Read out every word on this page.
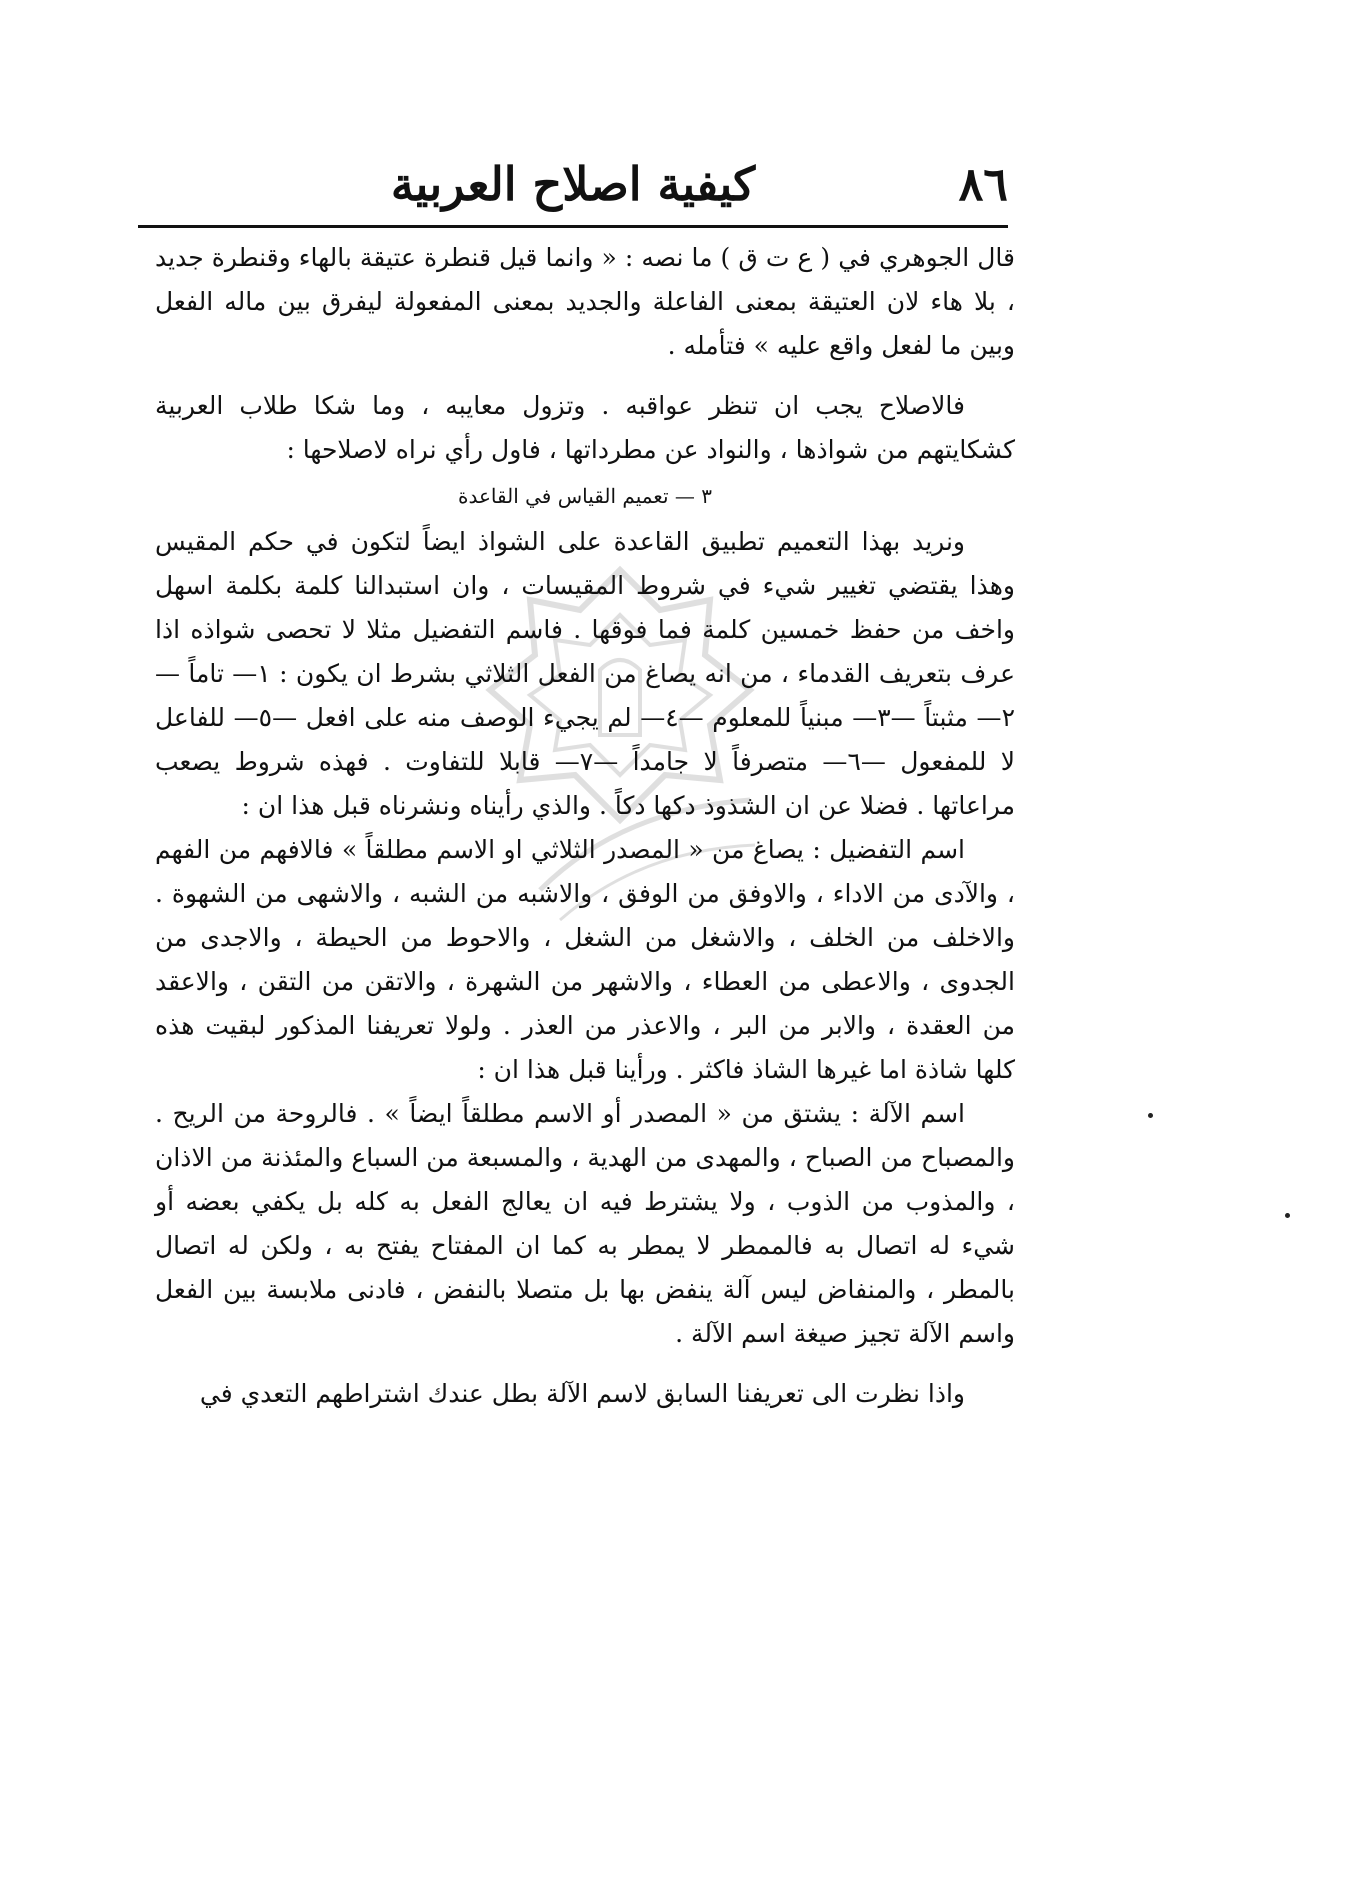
٨٦
كيفية اصلاح العربية

قال الجوهري في ( ع ت ق ) ما نصه : « وانما قيل قنطرة عتيقة بالهاء وقنطرة جديد ، بلا هاء لان العتيقة بمعنى الفاعلة والجديد بمعنى المفعولة ليفرق بين ماله الفعل وبين ما لفعل واقع عليه » فتأمله .

فالاصلاح يجب ان تنظر عواقبه . وتزول معايبه ، وما شكا طلاب العربية كشكايتهم من شواذها ، والنواد عن مطرداتها ، فاول رأي نراه لاصلاحها :

٣ — تعميم القياس في القاعدة

ونريد بهذا التعميم تطبيق القاعدة على الشواذ ايضاً لتكون في حكم المقيس وهذا يقتضي تغيير شيء في شروط المقيسات ، وان استبدالنا كلمة بكلمة اسهل واخف من حفظ خمسين كلمة فما فوقها . فاسم التفضيل مثلا لا تحصى شواذه اذا عرف بتعريف القدماء ، من انه يصاغ من الفعل الثلاثي بشرط ان يكون : ١— تاماً —٢— مثبتاً —٣— مبنياً للمعلوم —٤— لم يجيء الوصف منه على افعل —٥— للفاعل لا للمفعول —٦— متصرفاً لا جامداً —٧— قابلا للتفاوت . فهذه شروط يصعب مراعاتها . فضلا عن ان الشذوذ دكها دكاً . والذي رأيناه ونشرناه قبل هذا ان :

اسم التفضيل : يصاغ من « المصدر الثلاثي او الاسم مطلقاً » فالافهم من الفهم ، والآدى من الاداء ، والاوفق من الوفق ، والاشبه من الشبه ، والاشهى من الشهوة . والاخلف من الخلف ، والاشغل من الشغل ، والاحوط من الحيطة ، والاجدى من الجدوى ، والاعطى من العطاء ، والاشهر من الشهرة ، والاتقن من التقن ، والاعقد من العقدة ، والابر من البر ، والاعذر من العذر . ولولا تعريفنا المذكور لبقيت هذه كلها شاذة اما غيرها الشاذ فاكثر . ورأينا قبل هذا ان :

اسم الآلة : يشتق من « المصدر أو الاسم مطلقاً ايضاً » . فالروحة من الريح . والمصباح من الصباح ، والمهدى من الهدية ، والمسبعة من السباع والمئذنة من الاذان ، والمذوب من الذوب ، ولا يشترط فيه ان يعالج الفعل به كله بل يكفي بعضه أو شيء له اتصال به فالممطر لا يمطر به كما ان المفتاح يفتح به ، ولكن له اتصال بالمطر ، والمنفاض ليس آلة ينفض بها بل متصلا بالنفض ، فادنى ملابسة بين الفعل واسم الآلة تجيز صيغة اسم الآلة .

واذا نظرت الى تعريفنا السابق لاسم الآلة بطل عندك اشتراطهم التعدي في
